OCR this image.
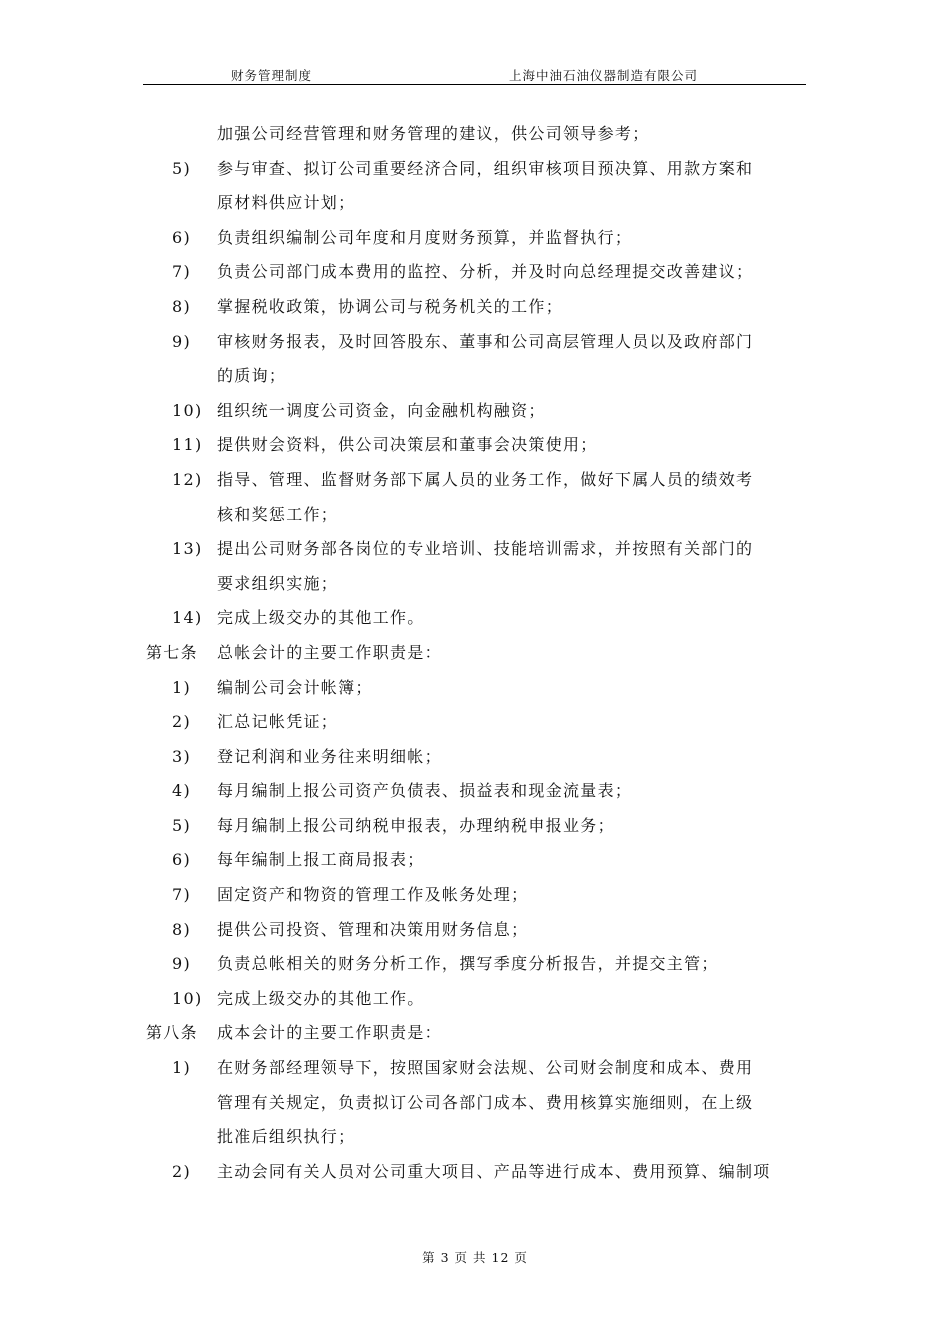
财务管理制度	上海中油石油仪器制造有限公司
加强公司经营管理和财务管理的建议，供公司领导参考；
5) 参与审查、拟订公司重要经济合同，组织审核项目预决算、用款方案和
原材料供应计划；
6) 负责组织编制公司年度和月度财务预算，并监督执行；
7) 负责公司部门成本费用的监控、分析，并及时向总经理提交改善建议；
8) 掌握税收政策，协调公司与税务机关的工作；
9) 审核财务报表，及时回答股东、董事和公司高层管理人员以及政府部门
的质询；
10) 组织统一调度公司资金，向金融机构融资；
11) 提供财会资料，供公司决策层和董事会决策使用；
12) 指导、管理、监督财务部下属人员的业务工作，做好下属人员的绩效考
核和奖惩工作；
13) 提出公司财务部各岗位的专业培训、技能培训需求，并按照有关部门的
要求组织实施；
14) 完成上级交办的其他工作。
第七条 总帐会计的主要工作职责是：
1) 编制公司会计帐簿；
2) 汇总记帐凭证；
3) 登记利润和业务往来明细帐；
4) 每月编制上报公司资产负债表、损益表和现金流量表；
5) 每月编制上报公司纳税申报表，办理纳税申报业务；
6) 每年编制上报工商局报表；
7) 固定资产和物资的管理工作及帐务处理；
8) 提供公司投资、管理和决策用财务信息；
9) 负责总帐相关的财务分析工作，撰写季度分析报告，并提交主管；
10) 完成上级交办的其他工作。
第八条 成本会计的主要工作职责是：
1) 在财务部经理领导下，按照国家财会法规、公司财会制度和成本、费用
管理有关规定，负责拟订公司各部门成本、费用核算实施细则，在上级
批准后组织执行；
2) 主动会同有关人员对公司重大项目、产品等进行成本、费用预算、编制项
第 3 页 共 12 页
